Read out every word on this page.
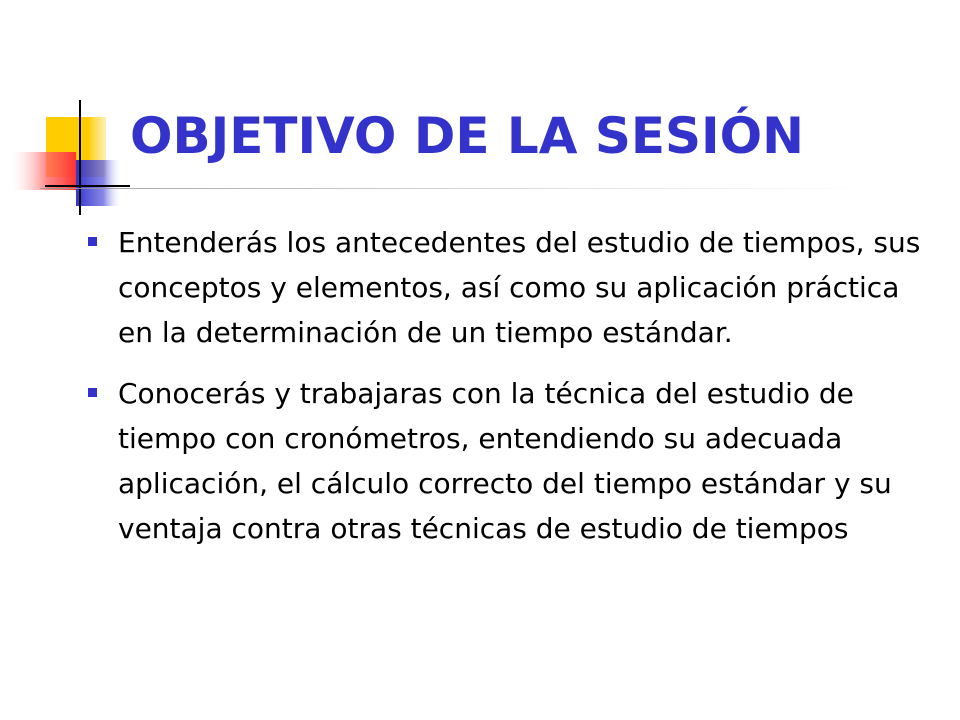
OBJETIVO DE LA SESIÓN
Entenderás los antecedentes del estudio de tiempos, sus conceptos y elementos, así como su aplicación práctica en la determinación de un tiempo estándar.
Conocerás y trabajaras con la técnica del estudio de tiempo con cronómetros, entendiendo su adecuada aplicación, el cálculo correcto del tiempo estándar y su ventaja contra otras técnicas de estudio de tiempos
